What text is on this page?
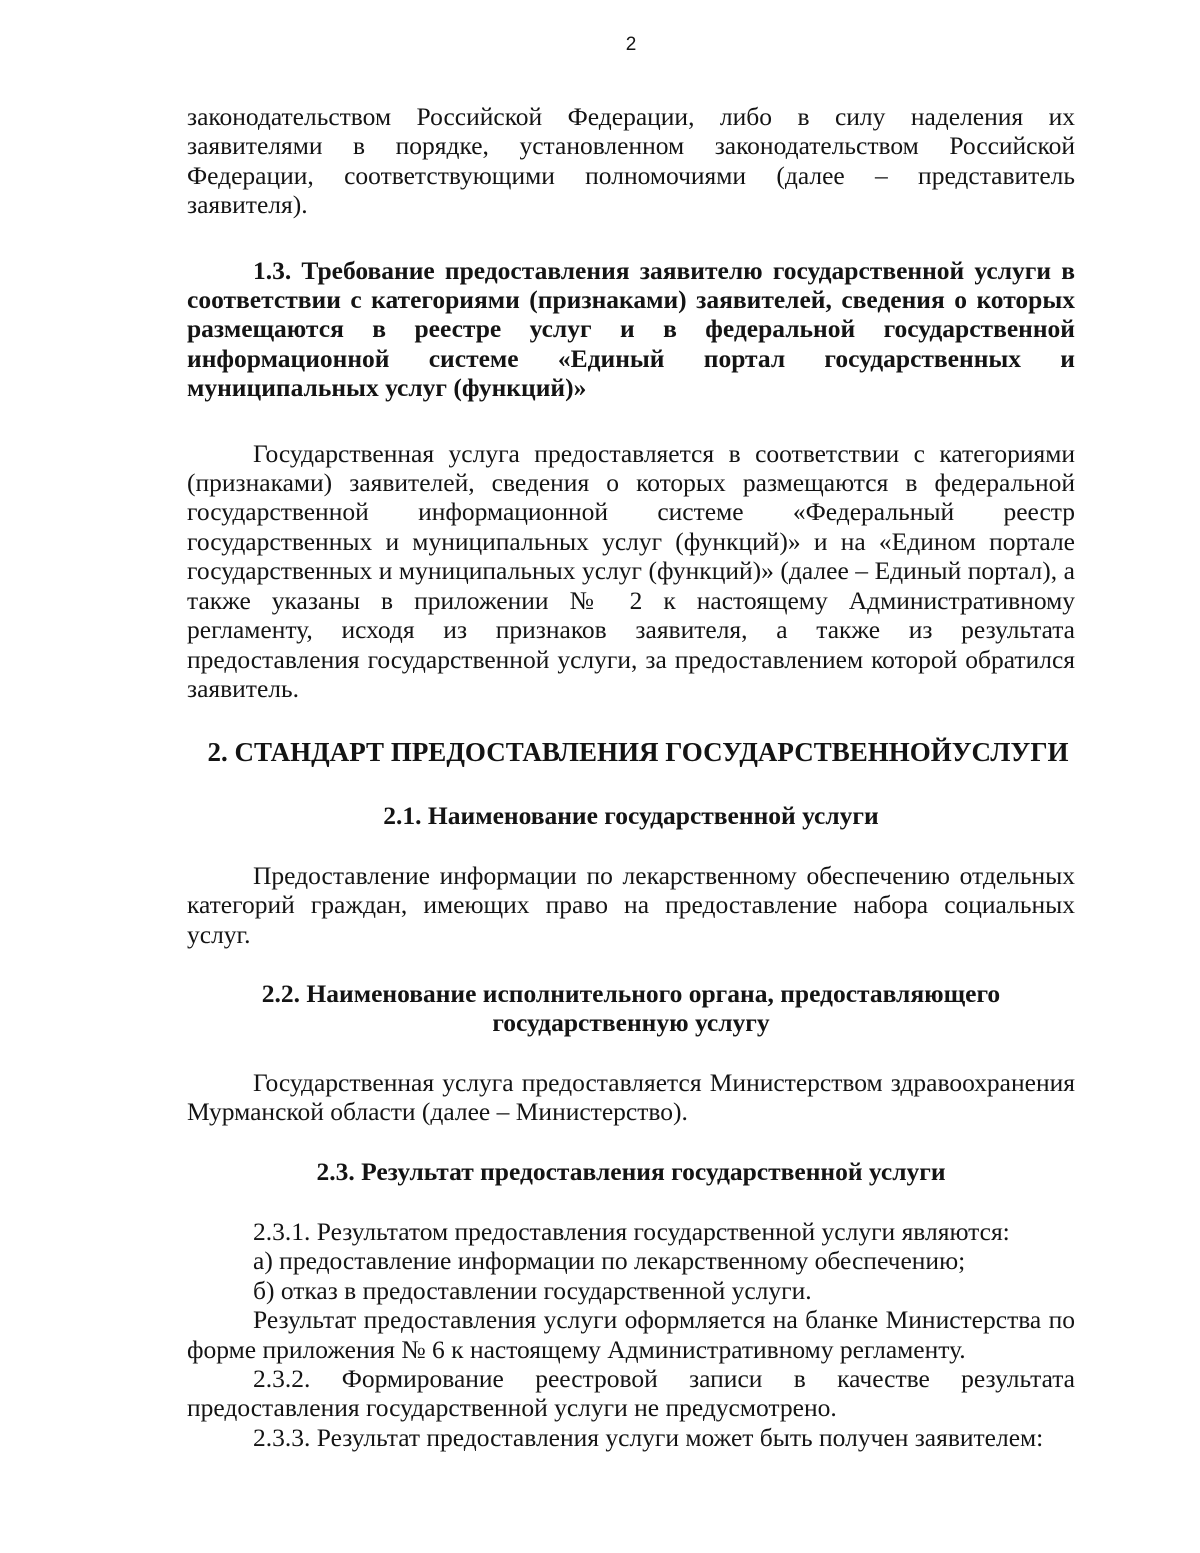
2

законодательством Российской Федерации, либо в силу наделения их заявителями в порядке, установленном законодательством Российской Федерации, соответствующими полномочиями (далее – представитель заявителя).

1.3. Требование предоставления заявителю государственной услуги в соответствии с категориями (признаками) заявителей, сведения о которых размещаются в реестре услуг и в федеральной государственной информационной системе «Единый портал государственных и муниципальных услуг (функций)»

Государственная услуга предоставляется в соответствии с категориями (признаками) заявителей, сведения о которых размещаются в федеральной государственной информационной системе «Федеральный реестр государственных и муниципальных услуг (функций)» и на «Едином портале государственных и муниципальных услуг (функций)» (далее – Единый портал), а также указаны в приложении № 2 к настоящему Административному регламенту, исходя из признаков заявителя, а также из результата предоставления государственной услуги, за предоставлением которой обратился заявитель.

2. СТАНДАРТ ПРЕДОСТАВЛЕНИЯ ГОСУДАРСТВЕННОЙУСЛУГИ

2.1. Наименование государственной услуги

Предоставление информации по лекарственному обеспечению отдельных категорий граждан, имеющих право на предоставление набора социальных услуг.

2.2. Наименование исполнительного органа, предоставляющего

государственную услугу

Государственная услуга предоставляется Министерством здравоохранения Мурманской области (далее – Министерство).

2.3. Результат предоставления государственной услуги

2.3.1. Результатом предоставления государственной услуги являются:

а) предоставление информации по лекарственному обеспечению;

б) отказ в предоставлении государственной услуги.

Результат предоставления услуги оформляется на бланке Министерства по форме приложения № 6 к настоящему Административному регламенту.

2.3.2. Формирование реестровой записи в качестве результата предоставления государственной услуги не предусмотрено.

2.3.3. Результат предоставления услуги может быть получен заявителем:
